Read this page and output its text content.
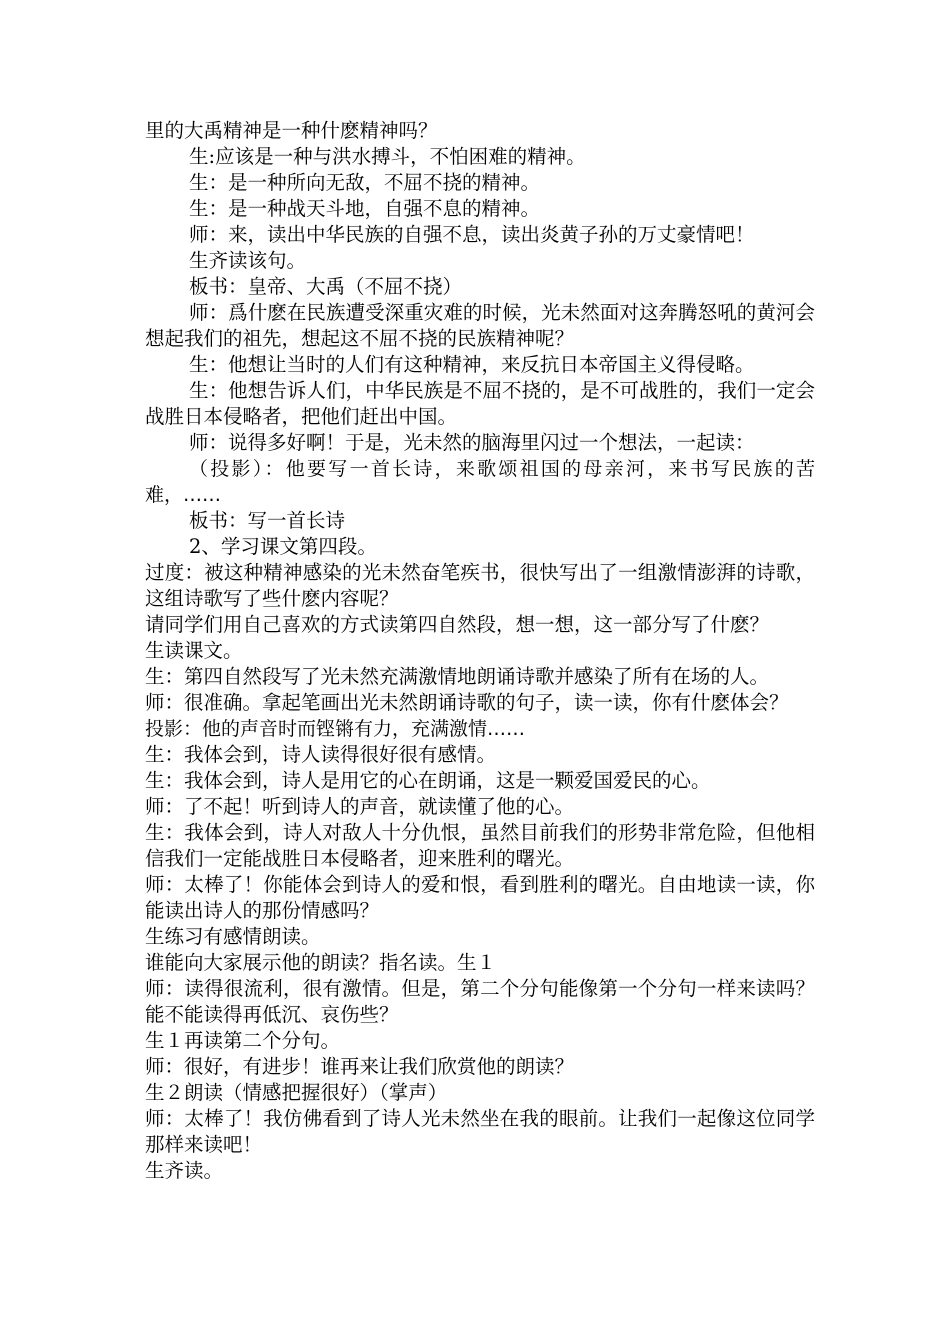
里的大禹精神是一种什麽精神吗？

生:应该是一种与洪水搏斗，不怕困难的精神。

生：是一种所向无敌，不屈不挠的精神。

生：是一种战天斗地，自强不息的精神。

师：来，读出中华民族的自强不息，读出炎黄子孙的万丈豪情吧！

生齐读该句。

板书：皇帝、大禹（不屈不挠）

师：爲什麽在民族遭受深重灾难的时候，光未然面对这奔腾怒吼的黄河会想起我们的祖先，想起这不屈不挠的民族精神呢？

生：他想让当时的人们有这种精神，来反抗日本帝国主义得侵略。

生：他想告诉人们，中华民族是不屈不挠的，是不可战胜的，我们一定会战胜日本侵略者，把他们赶出中国。

师：说得多好啊！于是，光未然的脑海里闪过一个想法，一起读：

（投影）：他要写一首长诗，来歌颂祖国的母亲河，来书写民族的苦难，……

板书：写一首长诗

2、学习课文第四段。

过度：被这种精神感染的光未然奋笔疾书，很快写出了一组激情澎湃的诗歌，这组诗歌写了些什麽内容呢？

请同学们用自己喜欢的方式读第四自然段，想一想，这一部分写了什麽？

生读课文。

生：第四自然段写了光未然充满激情地朗诵诗歌并感染了所有在场的人。

师：很准确。拿起笔画出光未然朗诵诗歌的句子，读一读，你有什麽体会？

投影：他的声音时而铿锵有力，充满激情……

生：我体会到，诗人读得很好很有感情。

生：我体会到，诗人是用它的心在朗诵，这是一颗爱国爱民的心。

师：了不起！听到诗人的声音，就读懂了他的心。

生：我体会到，诗人对敌人十分仇恨，虽然目前我们的形势非常危险，但他相信我们一定能战胜日本侵略者，迎来胜利的曙光。

师：太棒了！你能体会到诗人的爱和恨，看到胜利的曙光。自由地读一读，你能读出诗人的那份情感吗？

生练习有感情朗读。

谁能向大家展示他的朗读？指名读。生１

师：读得很流利，很有激情。但是，第二个分句能像第一个分句一样来读吗？能不能读得再低沉、哀伤些？

生１再读第二个分句。

师：很好，有进步！谁再来让我们欣赏他的朗读？

生２朗读（情感把握很好）（掌声）

师：太棒了！我仿佛看到了诗人光未然坐在我的眼前。让我们一起像这位同学那样来读吧！

生齐读。
